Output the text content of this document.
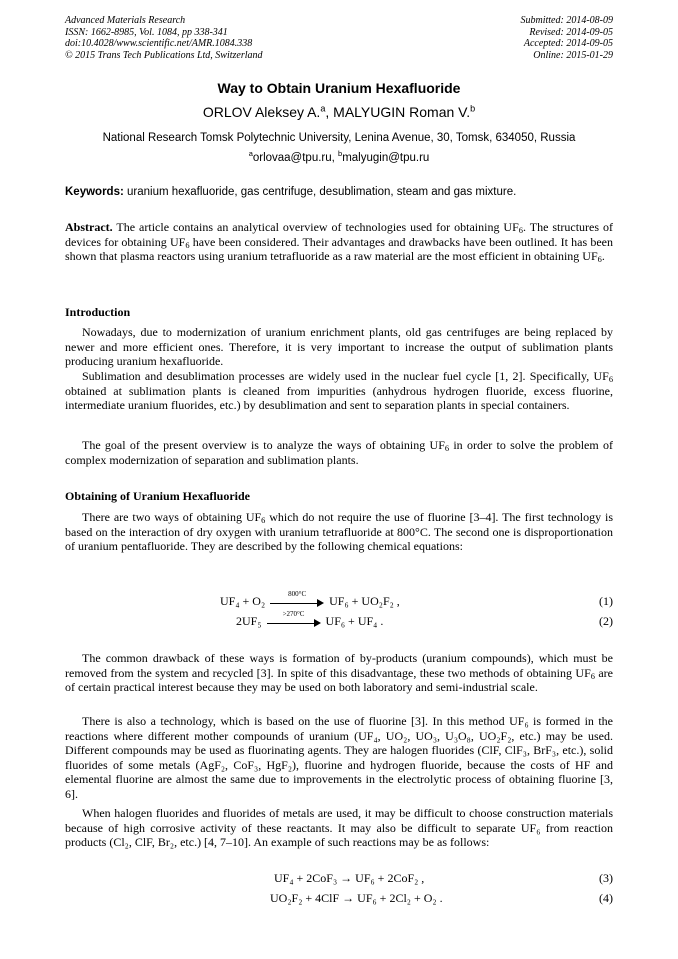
Advanced Materials Research
ISSN: 1662-8985, Vol. 1084, pp 338-341
doi:10.4028/www.scientific.net/AMR.1084.338
© 2015 Trans Tech Publications Ltd, Switzerland
Submitted: 2014-08-09
Revised: 2014-09-05
Accepted: 2014-09-05
Online: 2015-01-29
Way to Obtain Uranium Hexafluoride
ORLOV Aleksey A.$^a$, MALYUGIN Roman V.$^b$
National Research Tomsk Polytechnic University, Lenina Avenue, 30, Tomsk, 634050, Russia
$^a$orlovaa@tpu.ru, $^b$malyugin@tpu.ru
Keywords: uranium hexafluoride, gas centrifuge, desublimation, steam and gas mixture.

Abstract. The article contains an analytical overview of technologies used for obtaining $UF_6$. The structures of devices for obtaining $UF_6$ have been considered. Their advantages and drawbacks have been outlined. It has been shown that plasma reactors using uranium tetrafluoride as a raw material are the most efficient in obtaining $UF_6$.

Introduction

Nowadays, due to modernization of uranium enrichment plants, old gas centrifuges are being replaced by newer and more efficient ones. Therefore, it is very important to increase the output of sublimation plants producing uranium hexafluoride.

Sublimation and desublimation processes are widely used in the nuclear fuel cycle [1, 2]. Specifically, $UF_6$ obtained at sublimation plants is cleaned from impurities (anhydrous hydrogen fluoride, excess fluorine, intermediate uranium fluorides, etc.) by desublimation and sent to separation plants in special containers.

The goal of the present overview is to analyze the ways of obtaining $UF_6$ in order to solve the problem of complex modernization of separation and sublimation plants.

Obtaining of Uranium Hexafluoride

There are two ways of obtaining $UF_6$ which do not require the use of fluorine [3–4]. The first technology is based on the interaction of dry oxygen with uranium tetrafluoride at 800°C. The second one is disproportionation of uranium pentafluoride. They are described by the following chemical equations:

UF₄ + O₂	800°C	UF₆ + UO₂F₂ ,	(1)
2UF₅	>270°C	UF₆ + UF₄ .	(2)

The common drawback of these ways is formation of by-products (uranium compounds), which must be removed from the system and recycled [3]. In spite of this disadvantage, these two methods of obtaining $UF_6$ are of certain practical interest because they may be used on both laboratory and semi-industrial scale.

There is also a technology, which is based on the use of fluorine [3]. In this method UF₆ is formed in the reactions where different mother compounds of uranium (UF₄, UO₂, UO₃, U₃O₈, UO₂F₂, etc.) may be used. Different compounds may be used as fluorinating agents. They are halogen fluorides (ClF, ClF₃, BrF₃, etc.), solid fluorides of some metals (AgF₂, CoF₃, HgF₂), fluorine and hydrogen fluoride, because the costs of HF and elemental fluorine are almost the same due to improvements in the electrolytic process of obtaining fluorine [3, 6].

When halogen fluorides and fluorides of metals are used, it may be difficult to choose construction materials because of high corrosive activity of these reactants. It may also be difficult to separate UF₆ from reaction products (Cl₂, ClF, Br₂, etc.) [4, 7–10]. An example of such reactions may be as follows:

UF₄ + 2CoF₃ → UF₆ + 2CoF₂ ,	(3)
UO₂F₂ + 4ClF → UF₆ + 2Cl₂ + O₂ .	(4)
